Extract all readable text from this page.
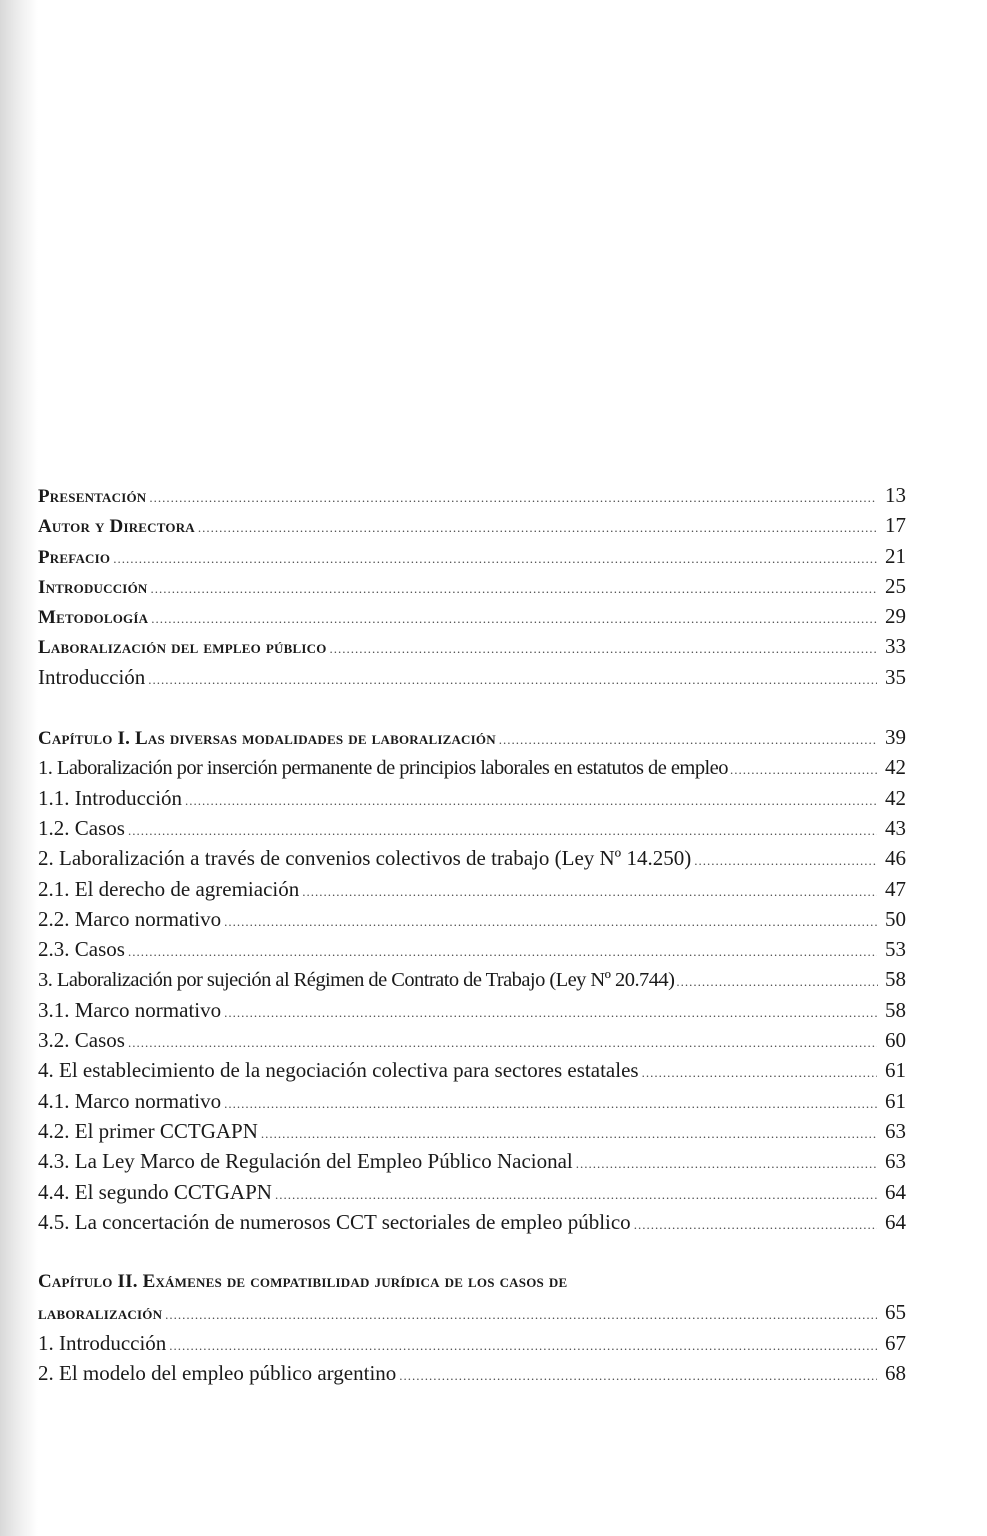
Presentación .....	13
Autor y Directora .....	17
Prefacio .....	21
Introducción .....	25
Metodología .....	29
Laboralización del empleo público .....	33
Introducción .....	35
Capítulo I. Las diversas modalidades de laboralización .....	39
1. Laboralización por inserción permanente de principios laborales en estatutos de empleo .....	42
1.1. Introducción .....	42
1.2. Casos .....	43
2. Laboralización a través de convenios colectivos de trabajo (Ley Nº 14.250) .....	46
2.1. El derecho de agremiación .....	47
2.2. Marco normativo .....	50
2.3. Casos .....	53
3. Laboralización por sujeción al Régimen de Contrato de Trabajo (Ley Nº 20.744) .....	58
3.1. Marco normativo .....	58
3.2. Casos .....	60
4. El establecimiento de la negociación colectiva para sectores estatales .....	61
4.1. Marco normativo .....	61
4.2. El primer CCTGAPN .....	63
4.3. La Ley Marco de Regulación del Empleo Público Nacional .....	63
4.4. El segundo CCTGAPN .....	64
4.5. La concertación de numerosos CCT sectoriales de empleo público .....	64
Capítulo II. Exámenes de compatibilidad jurídica de los casos de
laboralización .....	65
1. Introducción .....	67
2. El modelo del empleo público argentino .....	68
